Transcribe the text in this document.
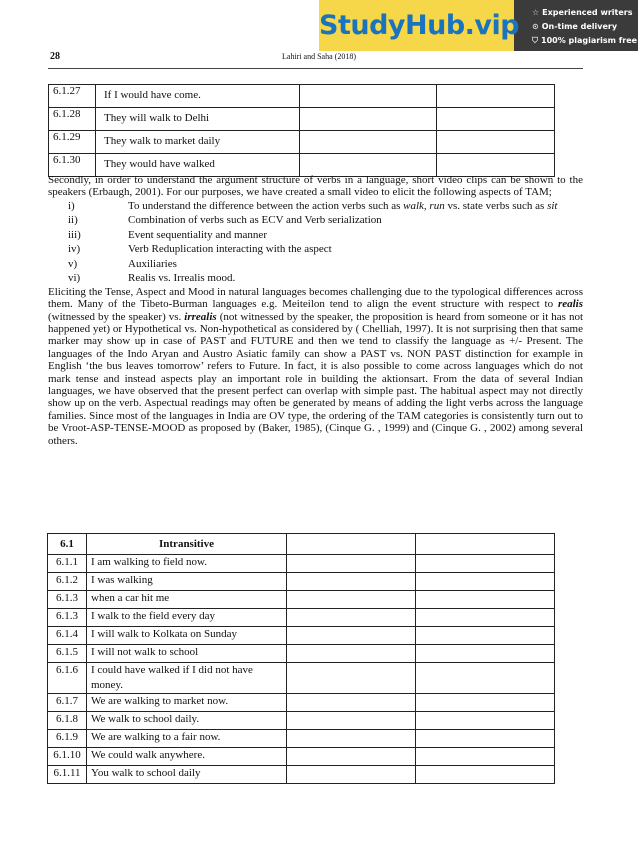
StudyHub.vip ☆ Experienced writers
⊙ On-time delivery
⛉ 100% plagiarism free
28	Lahiri and Saha (2018)
6.1.27	If I would have come.		
6.1.28	They will walk to Delhi		
6.1.29	They walk to market daily		
6.1.30	They would have walked		

Secondly, in order to understand the argument structure of verbs in a language, short video clips can be shown to the speakers (Erbaugh, 2001). For our purposes, we have created a small video to elicit the following aspects of TAM;

i)	To understand the difference between the action verbs such as walk, run vs. state verbs such as sit
ii)	Combination of verbs such as ECV and Verb serialization
iii)	Event sequentiality and manner
iv)	Verb Reduplication interacting with the aspect
v)	Auxiliaries
vi)	Realis vs. Irrealis mood.

Eliciting the Tense, Aspect and Mood in natural languages becomes challenging due to the typological differences across them. Many of the Tibeto-Burman languages e.g. Meiteilon tend to align the event structure with respect to realis (witnessed by the speaker) vs. irrealis (not witnessed by the speaker, the proposition is heard from someone or it has not happened yet) or Hypothetical vs. Non-hypothetical as considered by ( Chelliah, 1997). It is not surprising then that same marker may show up in case of PAST and FUTURE and then we tend to classify the language as +/- Present. The languages of the Indo Aryan and Austro Asiatic family can show a PAST vs. NON PAST distinction for example in English ‘the bus leaves tomorrow’ refers to Future. In fact, it is also possible to come across languages which do not mark tense and instead aspects play an important role in building the aktionsart. From the data of several Indian languages, we have observed that the present perfect can overlap with simple past. The habitual aspect may not directly show up on the verb. Aspectual readings may often be generated by means of adding the light verbs across the language families. Since most of the languages in India are OV type, the ordering of the TAM categories is consistently turn out to be Vroot-ASP-TENSE-MOOD as proposed by (Baker, 1985), (Cinque G. , 1999) and (Cinque G. , 2002) among several others.

6.1	Intransitive		
6.1.1	I am walking to field now.		
6.1.2	I was walking		
6.1.3	when a car hit me		
6.1.3	I walk to the field every day		
6.1.4	I will walk to Kolkata on Sunday		
6.1.5	I will not walk to school		
6.1.6	I could have walked if I did not have money.		
6.1.7	We are walking to market now.		
6.1.8	We walk to school daily.		
6.1.9	We are walking to a fair now.		
6.1.10	We could walk anywhere.		
6.1.11	You walk to school daily		
